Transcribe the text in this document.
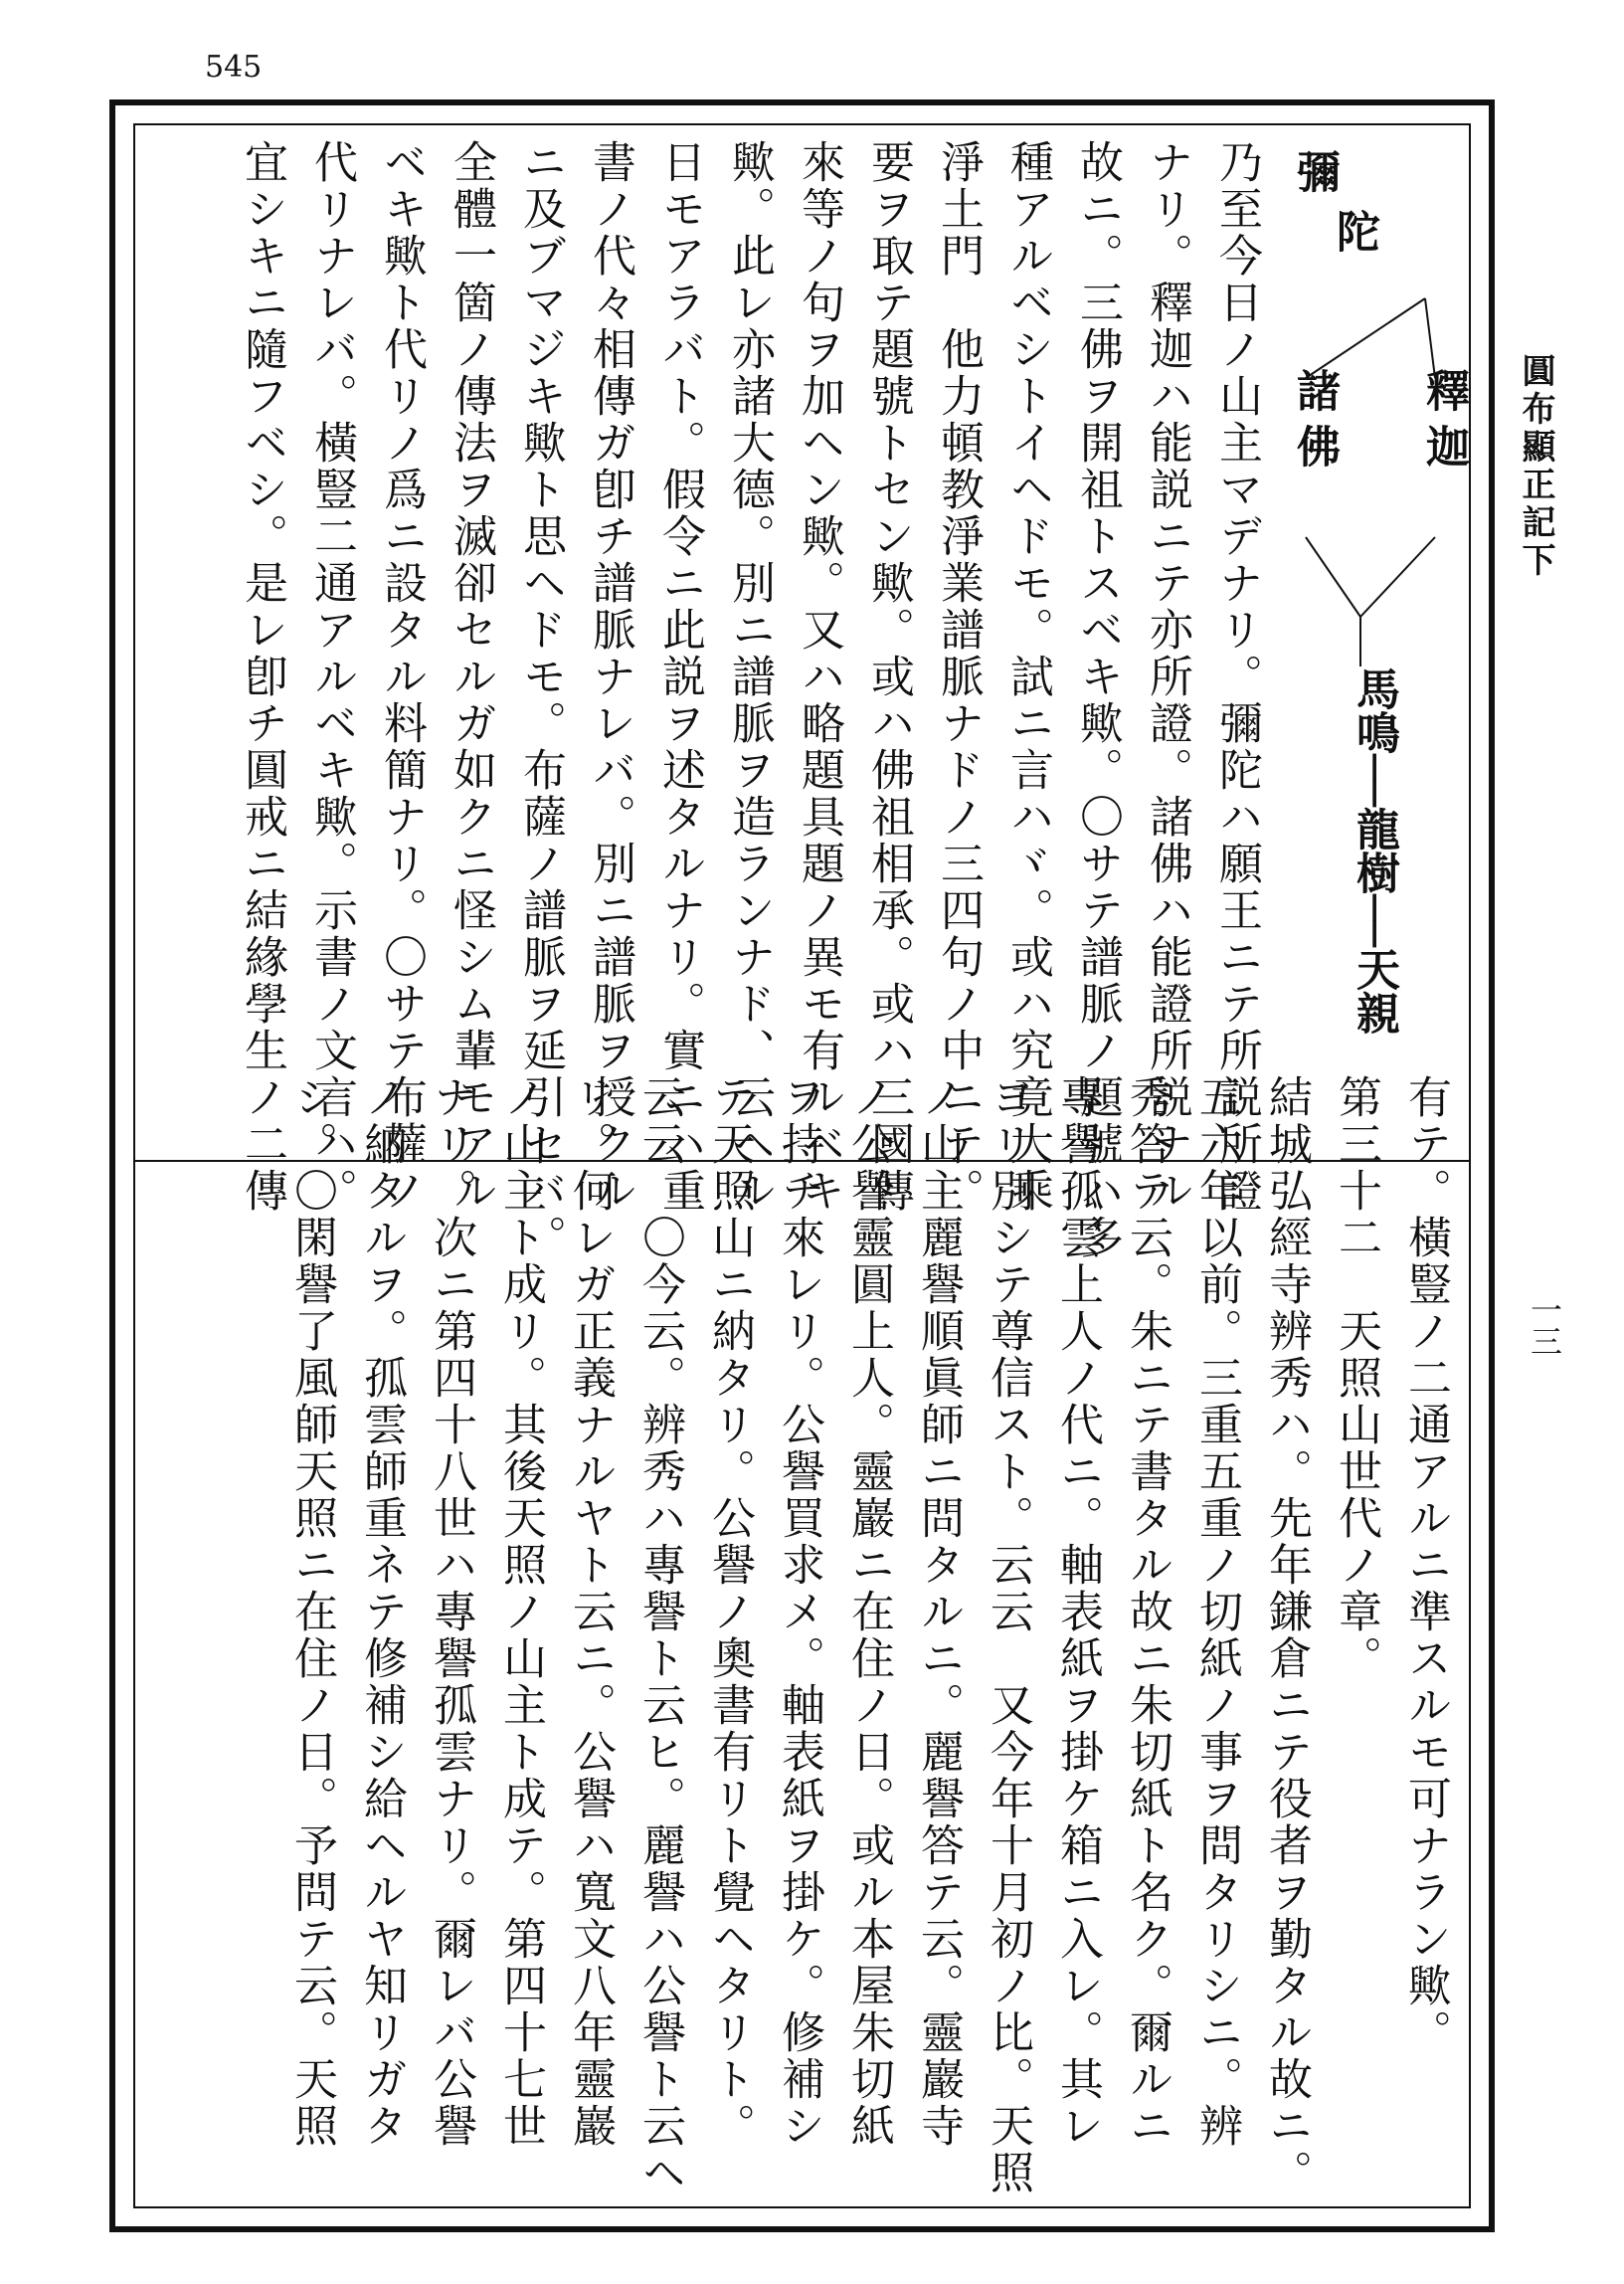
545
圓布顯正記下
一三
彌
陀
釋迦
諸佛
馬鳴──龍樹──天親
乃至今日ノ山主マデナリ。彌陀ハ願王ニテ所説所證
ナリ。釋迦ハ能説ニテ亦所證。諸佛ハ能證所説ナル
故ニ。三佛ヲ開祖トスベキ歟。〇サテ譜脈ノ題號ハ多
種アルベシトイヘドモ。試ニ言ハヾ。或ハ究竟大乘
淨土門　他力頓教淨業譜脈ナドノ三四句ノ中ニテ。
要ヲ取テ題號トセン歟。或ハ佛祖相承。或ハ三國傳
來等ノ句ヲ加ヘン歟。又ハ略題具題ノ異モ有ルベキ
歟。此レ亦諸大德。別ニ譜脈ヲ造ランナド、云ヘル
日モアラバト。假令ニ此説ヲ述タルナリ。實ニハ重
書ノ代々相傳ガ卽チ譜脈ナレバ。別ニ譜脈ヲ授クル
ニ及ブマジキ歟ト思ヘドモ。布薩ノ譜脈ヲ延引セバ。
全體一箇ノ傳法ヲ滅卻セルガ如クニ怪シム輩モアル
ベキ歟ト代リノ爲ニ設タル料簡ナリ。〇サテ布薩ノ
代リナレバ。橫豎二通アルベキ歟。示書ノ文言ハ。
宜シキニ隨フベシ。是レ卽チ圓戒ニ結緣學生ノ二傳
有テ。橫豎ノ二通アルニ準スルモ可ナラン歟。
第三十二　天照山世代ノ章。
結城弘經寺辨秀ハ。先年鎌倉ニテ役者ヲ勤タル故ニ。
五六年以前。三重五重ノ切紙ノ事ヲ問タリシニ。辨
秀答テ云。朱ニテ書タル故ニ朱切紙ト名ク。爾ルニ
專譽孤雲上人ノ代ニ。軸表紙ヲ掛ケ箱ニ入レ。其レ
ヨリ別シテ尊信スト。云云　又今年十月初ノ比。天照
ノ山主麗譽順眞師ニ問タルニ。麗譽答テ云。靈巖寺
ノ公譽靈圓上人。靈巖ニ在住ノ日。或ル本屋朱切紙
ヲ持チ來レリ。公譽買求メ。軸表紙ヲ掛ケ。修補シ
テ天照山ニ納タリ。公譽ノ奧書有リト覺ヘタリト。
云云　〇今云。辨秀ハ專譽ト云ヒ。麗譽ハ公譽ト云ヘ
リ。何レガ正義ナルヤト云ニ。公譽ハ寬文八年靈巖
ノ山主ト成リ。其後天照ノ山主ト成テ。第四十七世
ナリ。次ニ第四十八世ハ專譽孤雲ナリ。爾レバ公譽
ノ納タルヲ。孤雲師重ネテ修補シ給ヘルヤ知リガタ
シ。〇閑譽了風師天照ニ在住ノ日。予問テ云。天照
